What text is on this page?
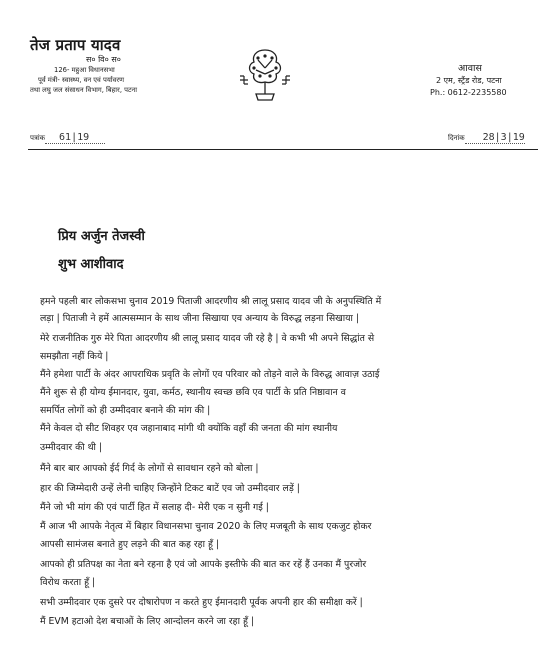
तेज प्रताप यादव
स० वि० स०
126- महुआ विधानसभा
पूर्व मंत्री- स्वास्थ्य, वन एवं पर्यावरण
तथा लघु जल संसाधन विभाग, बिहार, पटना
आवास
2 एम, स्ट्रैंड रोड, पटना
Ph.: 0612-2235580
पत्रांक 61|19	दिनांक 28|3|19
प्रिय अर्जुन तेजस्वी
शुभ आशीवाद
हमने पहली बार लोकसभा चुनाव 2019 पिताजी आदरणीय श्री लालू प्रसाद यादव जी के अनुपस्थिति में
लड़ा | पिताजी ने हमें आत्मसम्मान के साथ जीना सिखाया एव अन्याय के विरुद्ध लड़ना सिखाया |
मेरे राजनीतिक गुरु मेरे पिता आदरणीय श्री लालू प्रसाद यादव जी रहे है | वे कभी भी अपने सिद्धांत से
समझौता नहीं किये |
मैंने हमेशा पार्टी के अंदर आपराधिक प्रवृति के लोगों एव परिवार को तोड़ने वाले के विरुद्ध आवाज़ उठाई
मैंने शुरू से ही योग्य ईमानदार, युवा, कर्मठ, स्थानीय स्वच्छ छवि एव पार्टी के प्रति निष्ठावान व
समर्पित लोगों को ही उम्मीदवार बनाने की मांग की |
मैंने केवल दो सीट शिवहर एव जहानाबाद मांगी थी क्योंकि वहाँ की जनता की मांग स्थानीय
उम्मीदवार की थी |
मैंने बार बार आपको ईर्द गिर्द के लोगों से सावधान रहने को बोला |
हार की जिम्मेदारी उन्हें लेनी चाहिए जिन्होंने टिकट बाटें एव जो उम्मीदवार लड़ें |
मैंने जो भी मांग की एवं पार्टी हित में सलाह दी- मेरी एक न सुनी गई |
मैं आज भी आपके नेतृत्व में बिहार विधानसभा चुनाव 2020 के लिए मजबूती के साथ एकजुट होकर
आपसी सामंजस बनाते हुए लड़ने की बात कह रहा हूँ |
आपको ही प्रतिपक्ष का नेता बने रहना है एवं जो आपके इस्तीफे की बात कर रहें हैं उनका मैं पुरजोर
विरोध करता हूँ |
सभी उम्मीदवार एक दुसरे पर दोषारोपण न करते हुए ईमानदारी पूर्वक अपनी हार की समीक्षा करें |
मैं EVM हटाओ देश बचाओं के लिए आन्दोलन करने जा रहा हूँ |
